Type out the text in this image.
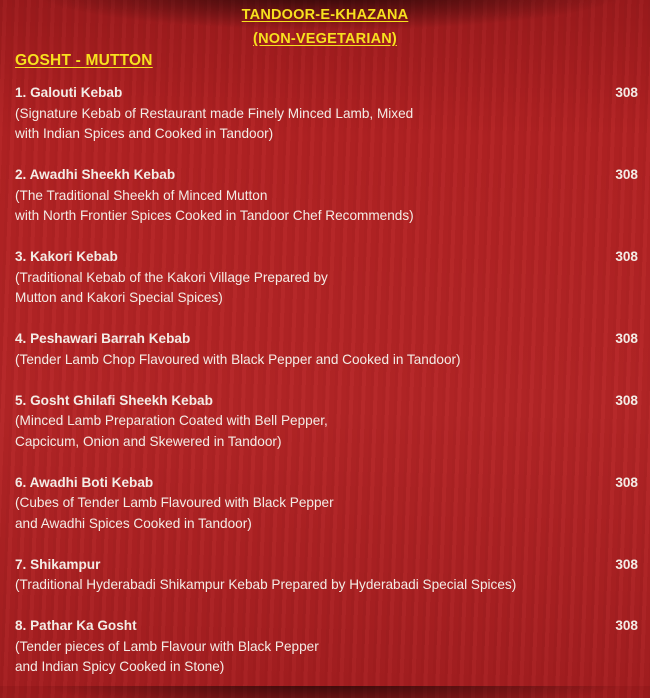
TANDOOR-E-KHAZANA
(NON-VEGETARIAN)
GOSHT - MUTTON
1. Galouti Kebab	308
(Signature Kebab of Restaurant made Finely Minced Lamb, Mixed
with Indian Spices and Cooked in Tandoor)
2. Awadhi Sheekh Kebab	308
(The Traditional Sheekh of Minced Mutton
with North Frontier Spices Cooked in Tandoor Chef Recommends)
3. Kakori Kebab	308
(Traditional Kebab of the Kakori Village Prepared by
Mutton and Kakori Special Spices)
4. Peshawari Barrah Kebab	308
(Tender Lamb Chop Flavoured with Black Pepper and Cooked in Tandoor)
5. Gosht Ghilafi Sheekh Kebab	308
(Minced Lamb Preparation Coated with Bell Pepper,
Capcicum, Onion and Skewered in Tandoor)
6. Awadhi Boti Kebab	308
(Cubes of Tender Lamb Flavoured with Black Pepper
and Awadhi Spices Cooked in Tandoor)
7. Shikampur	308
(Traditional Hyderabadi Shikampur Kebab Prepared by Hyderabadi Special Spices)
8. Pathar Ka Gosht	308
(Tender pieces of Lamb Flavour with Black Pepper
and Indian Spicy Cooked in Stone)
